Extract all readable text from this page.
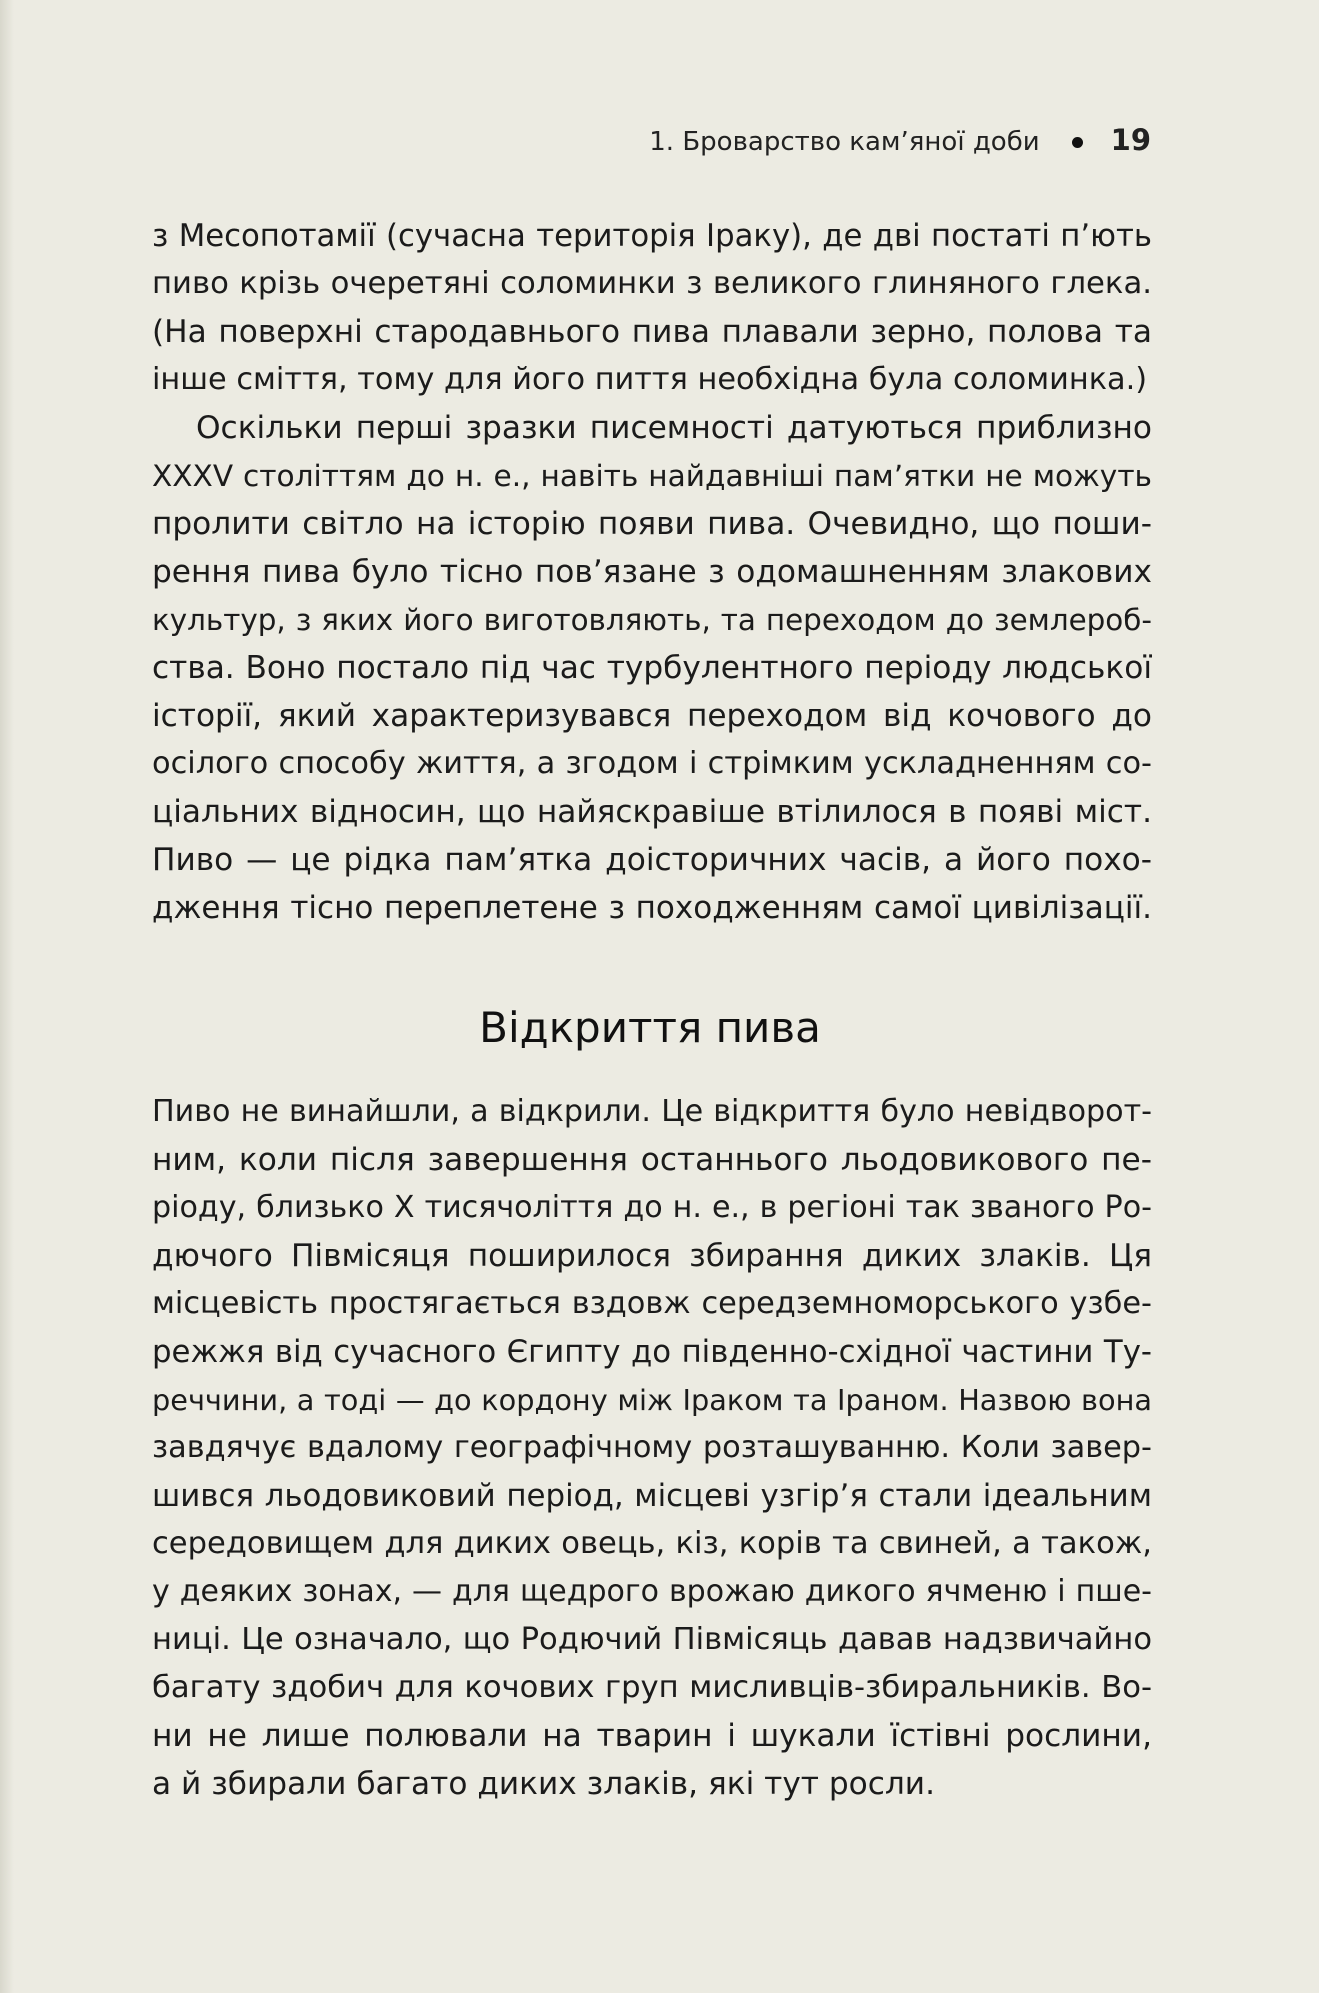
1. Броварство кам’яної доби 19
з Месопотамії (сучасна територія Іраку), де дві постаті п’ють
пиво крізь очеретяні соломинки з великого глиняного глека.
(На поверхні стародавнього пива плавали зерно, полова та
інше сміття, тому для його пиття необхідна була соломинка.)
Оскільки перші зразки писемності датуються приблизно
XXXV століттям до н. е., навіть найдавніші пам’ятки не можуть
пролити світло на історію появи пива. Очевидно, що поши-
рення пива було тісно пов’язане з одомашненням злакових
культур, з яких його виготовляють, та переходом до землероб-
ства. Воно постало під час турбулентного періоду людської
історії, який характеризувався переходом від кочового до
осілого способу життя, а згодом і стрімким ускладненням со-
ціальних відносин, що найяскравіше втілилося в появі міст.
Пиво — це рідка пам’ятка доісторичних часів, а його похо-
дження тісно переплетене з походженням самої цивілізації.
Відкриття пива
Пиво не винайшли, а відкрили. Це відкриття було невідворот-
ним, коли після завершення останнього льодовикового пе-
ріоду, близько X тисячоліття до н. е., в регіоні так званого Ро-
дючого Півмісяця поширилося збирання диких злаків. Ця
місцевість простягається вздовж середземноморського узбе-
режжя від сучасного Єгипту до південно-східної частини Ту-
реччини, а тоді — до кордону між Іраком та Іраном. Назвою вона
завдячує вдалому географічному розташуванню. Коли завер-
шився льодовиковий період, місцеві узгір’я стали ідеальним
середовищем для диких овець, кіз, корів та свиней, а також,
у деяких зонах, — для щедрого врожаю дикого ячменю і пше-
ниці. Це означало, що Родючий Півмісяць давав надзвичайно
багату здобич для кочових груп мисливців-збиральників. Во-
ни не лише полювали на тварин і шукали їстівні рослини,
а й збирали багато диких злаків, які тут росли.
